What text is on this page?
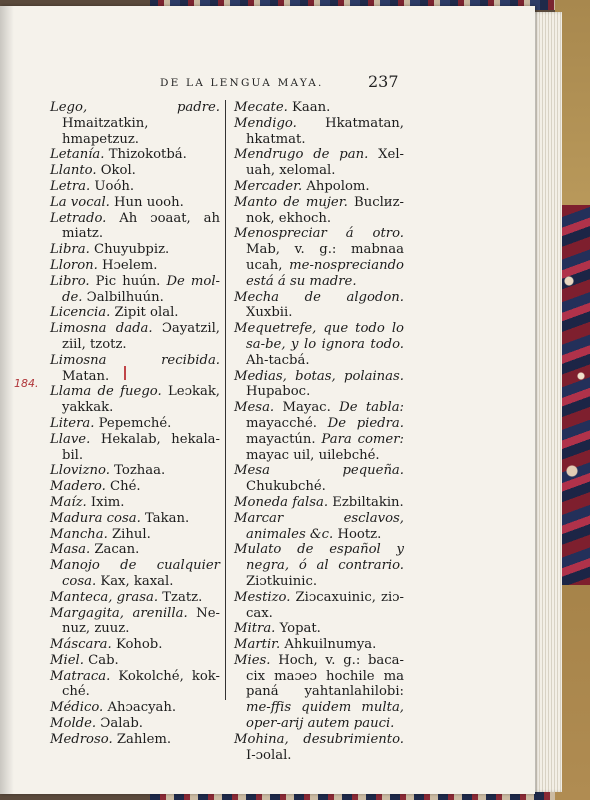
DE LA LENGUA MAYA.	237
184.

Lego, padre. Hmaitzatkin, hmapetzuz.

Letanía. Thizokotbá.

Llanto. Okol.

Letra. Uoóh.

La vocal. Hun uooh.

Letrado. Ah ɔoaat, ah miatz.

Libra. Chuyubpiz.

Lloron. Hɔelem.

Libro. Pic huún. De mol-de. Ɔalbilhuún.

Licencia. Zipit olal.

Limosna dada. Ɔayatzil, ziil, tzotz.

Limosna recibida. Matan.

Llama de fuego. Leɔkak, yakkak.

Litera. Pepemché.

Llave. Hekalab, hekala-bil.

Llovizno. Tozhaa.

Madero. Ché.

Maíz. Ixim.

Madura cosa. Takan.

Mancha. Zihul.

Masa. Zacan.

Manojo de cualquier cosa. Kax, kaxal.

Manteca, grasa. Tzatz.

Margagita, arenilla. Ne-nuz, zuuz.

Máscara. Kohob.

Miel. Cab.

Matraca. Kokolché, kok-ché.

Médico. Ahɔacyah.

Molde. Ɔalab.

Medroso. Zahlem.

Mecate. Kaan.

Mendigo. Hkatmatan, hkatmat.

Mendrugo de pan. Xel-uah, xelomal.

Mercader. Ahpolom.

Manto de mujer. Buclиz-nok, ekhoch.

Menospreciar á otro. Mab, v. g.: mabnaa ucah, me-nospreciando está á su madre.

Mecha de algodon. Xuxbii.

Mequetrefe, que todo lo sa-be, y lo ignora todo. Ah-tacbá.

Medias, botas, polainas. Hupaboc.

Mesa. Mayac. De tabla: mayacché. De piedra. mayactún. Para comer: mayac uil, uilebché.

Mesa pequeña. Chukubché.

Moneda falsa. Ezbiltakin.

Marcar esclavos, animales &c. Hootz.

Mulato de español y negra, ó al contrario. Ziɔtkuinic.

Mestizo. Ziɔcaxuinic, ziɔ-cax.

Mitra. Yopat.

Martir. Ahkuilnumya.

Mies. Hoch, v. g.: baca-cix maɔeɔ hochile ma paná yahtanlahilobi: me-ffis quidem multa, oper-arij autem pauci.

Mohina, desubrimiento. I-ɔolal.
